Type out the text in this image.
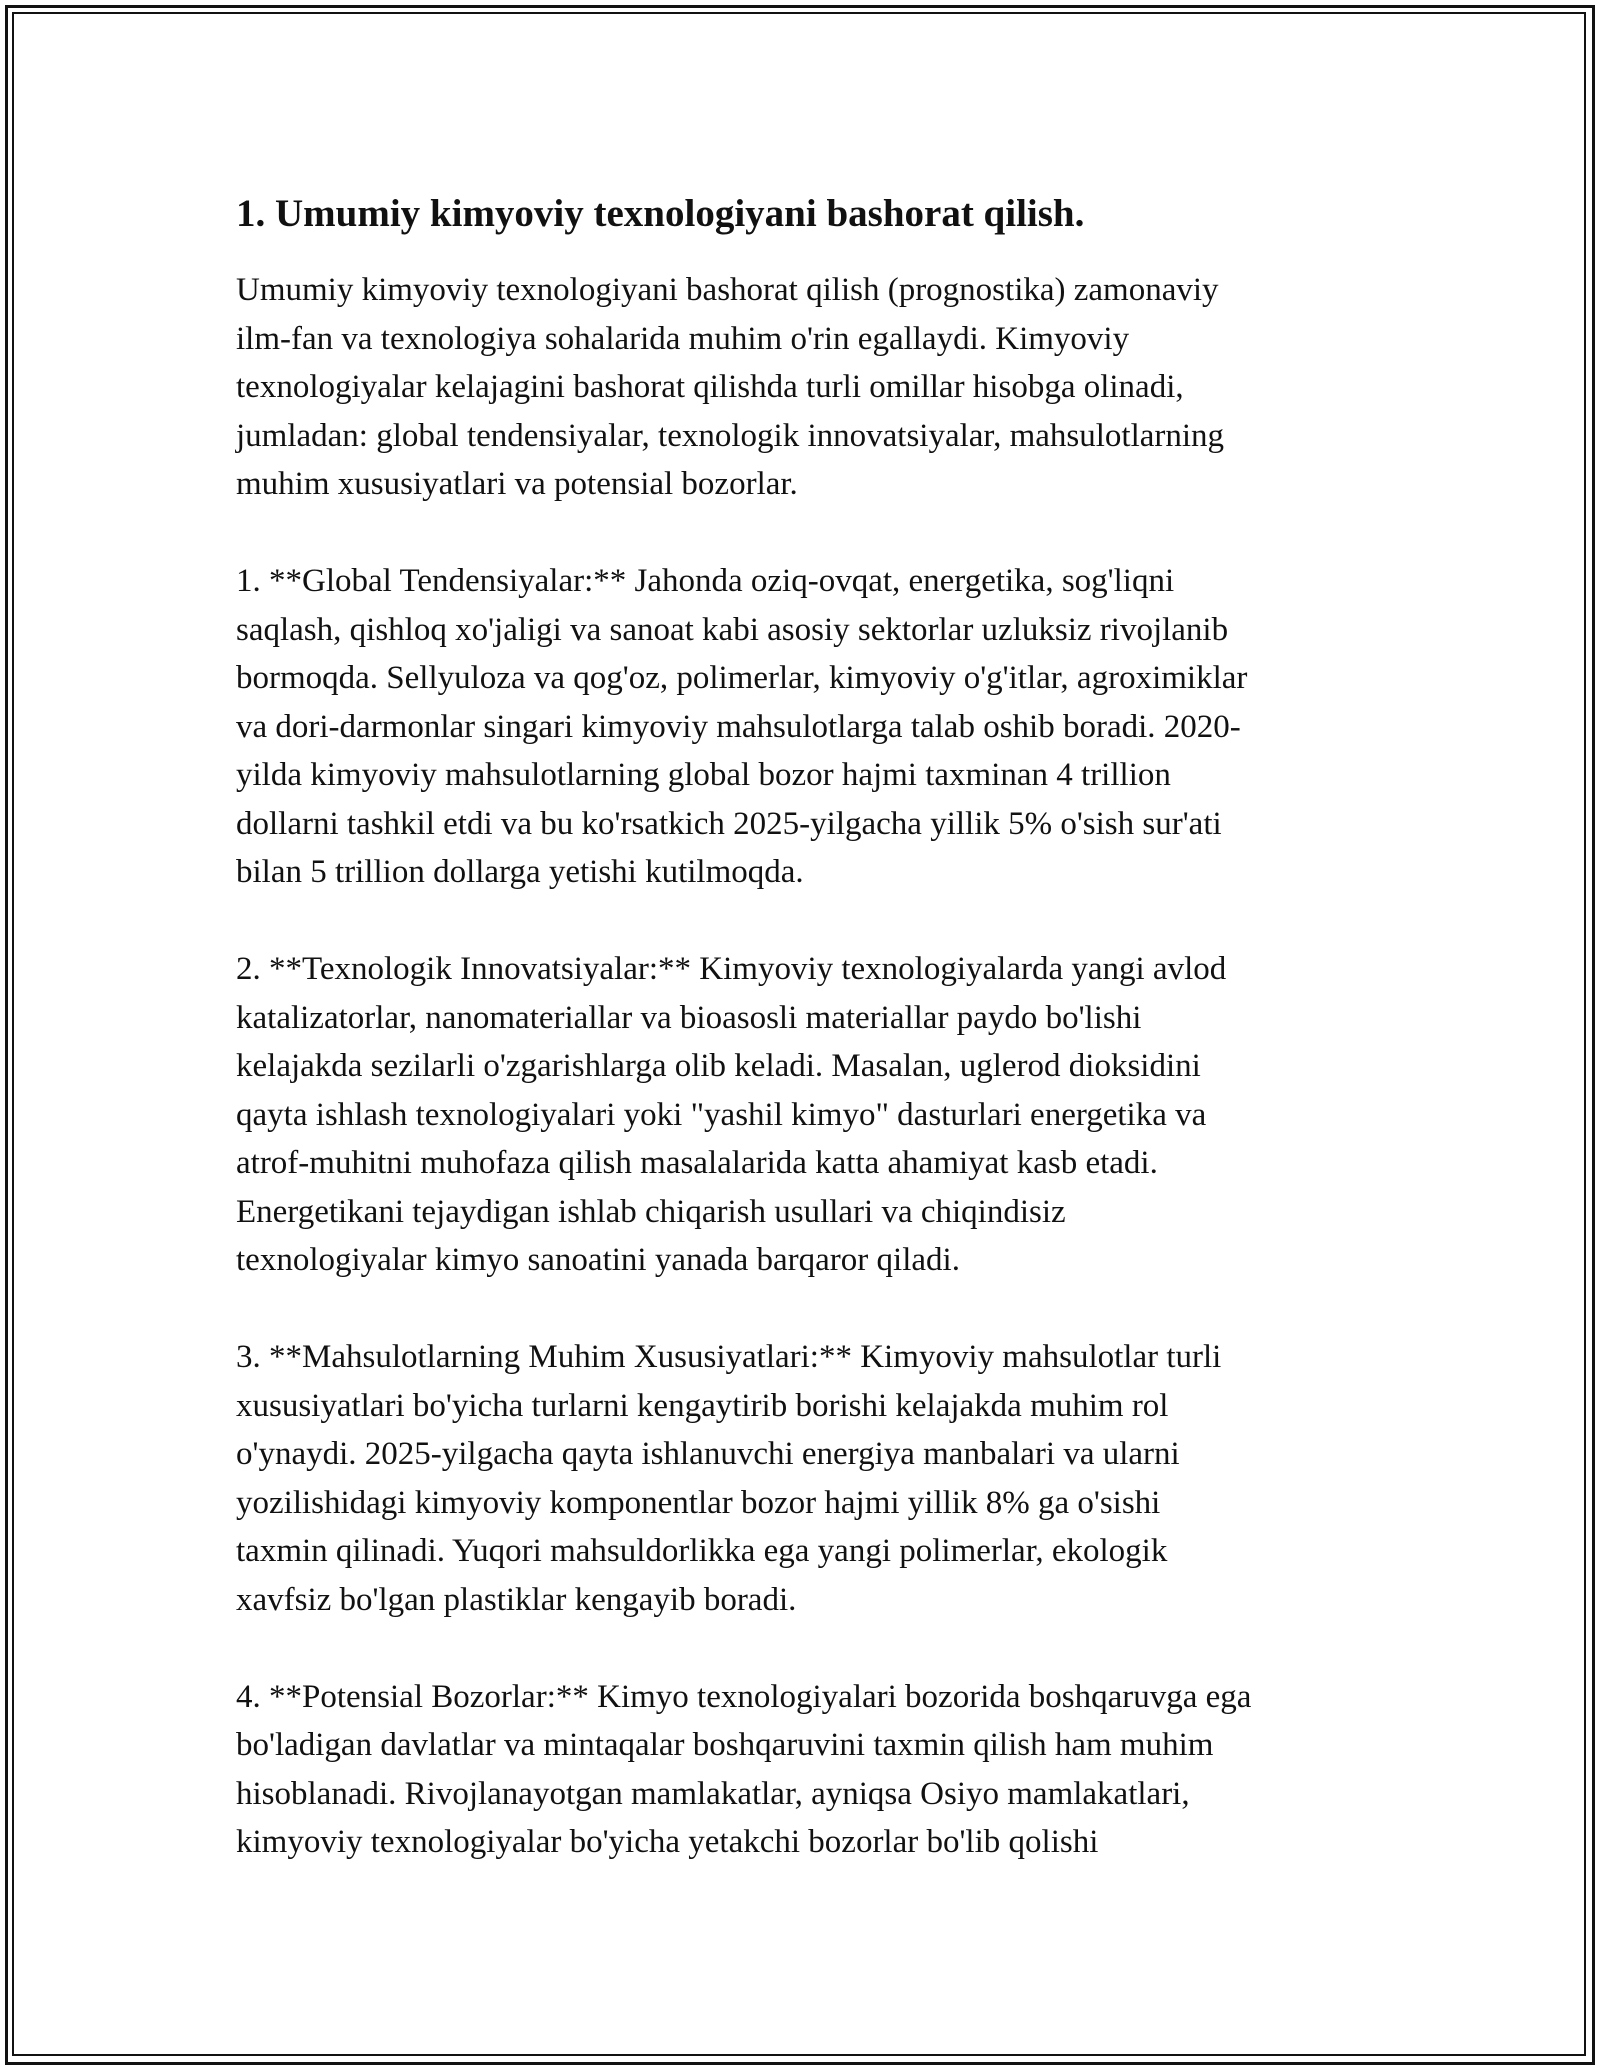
1. Umumiy kimyoviy texnologiyani bashorat qilish.

Umumiy kimyoviy texnologiyani bashorat qilish (prognostika) zamonaviy
ilm-fan va texnologiya sohalarida muhim o'rin egallaydi. Kimyoviy
texnologiyalar kelajagini bashorat qilishda turli omillar hisobga olinadi,
jumladan: global tendensiyalar, texnologik innovatsiyalar, mahsulotlarning
muhim xususiyatlari va potensial bozorlar.

1. **Global Tendensiyalar:** Jahonda oziq-ovqat, energetika, sog'liqni
saqlash, qishloq xo'jaligi va sanoat kabi asosiy sektorlar uzluksiz rivojlanib
bormoqda. Sellyuloza va qog'oz, polimerlar, kimyoviy o'g'itlar, agroximiklar
va dori-darmonlar singari kimyoviy mahsulotlarga talab oshib boradi. 2020-
yilda kimyoviy mahsulotlarning global bozor hajmi taxminan 4 trillion
dollarni tashkil etdi va bu ko'rsatkich 2025-yilgacha yillik 5% o'sish sur'ati
bilan 5 trillion dollarga yetishi kutilmoqda.

2. **Texnologik Innovatsiyalar:** Kimyoviy texnologiyalarda yangi avlod
katalizatorlar, nanomateriallar va bioasosli materiallar paydo bo'lishi
kelajakda sezilarli o'zgarishlarga olib keladi. Masalan, uglerod dioksidini
qayta ishlash texnologiyalari yoki "yashil kimyo" dasturlari energetika va
atrof-muhitni muhofaza qilish masalalarida katta ahamiyat kasb etadi.
Energetikani tejaydigan ishlab chiqarish usullari va chiqindisiz
texnologiyalar kimyo sanoatini yanada barqaror qiladi.

3. **Mahsulotlarning Muhim Xususiyatlari:** Kimyoviy mahsulotlar turli
xususiyatlari bo'yicha turlarni kengaytirib borishi kelajakda muhim rol
o'ynaydi. 2025-yilgacha qayta ishlanuvchi energiya manbalari va ularni
yozilishidagi kimyoviy komponentlar bozor hajmi yillik 8% ga o'sishi
taxmin qilinadi. Yuqori mahsuldorlikka ega yangi polimerlar, ekologik
xavfsiz bo'lgan plastiklar kengayib boradi.

4. **Potensial Bozorlar:** Kimyo texnologiyalari bozorida boshqaruvga ega
bo'ladigan davlatlar va mintaqalar boshqaruvini taxmin qilish ham muhim
hisoblanadi. Rivojlanayotgan mamlakatlar, ayniqsa Osiyo mamlakatlari,
kimyoviy texnologiyalar bo'yicha yetakchi bozorlar bo'lib qolishi
